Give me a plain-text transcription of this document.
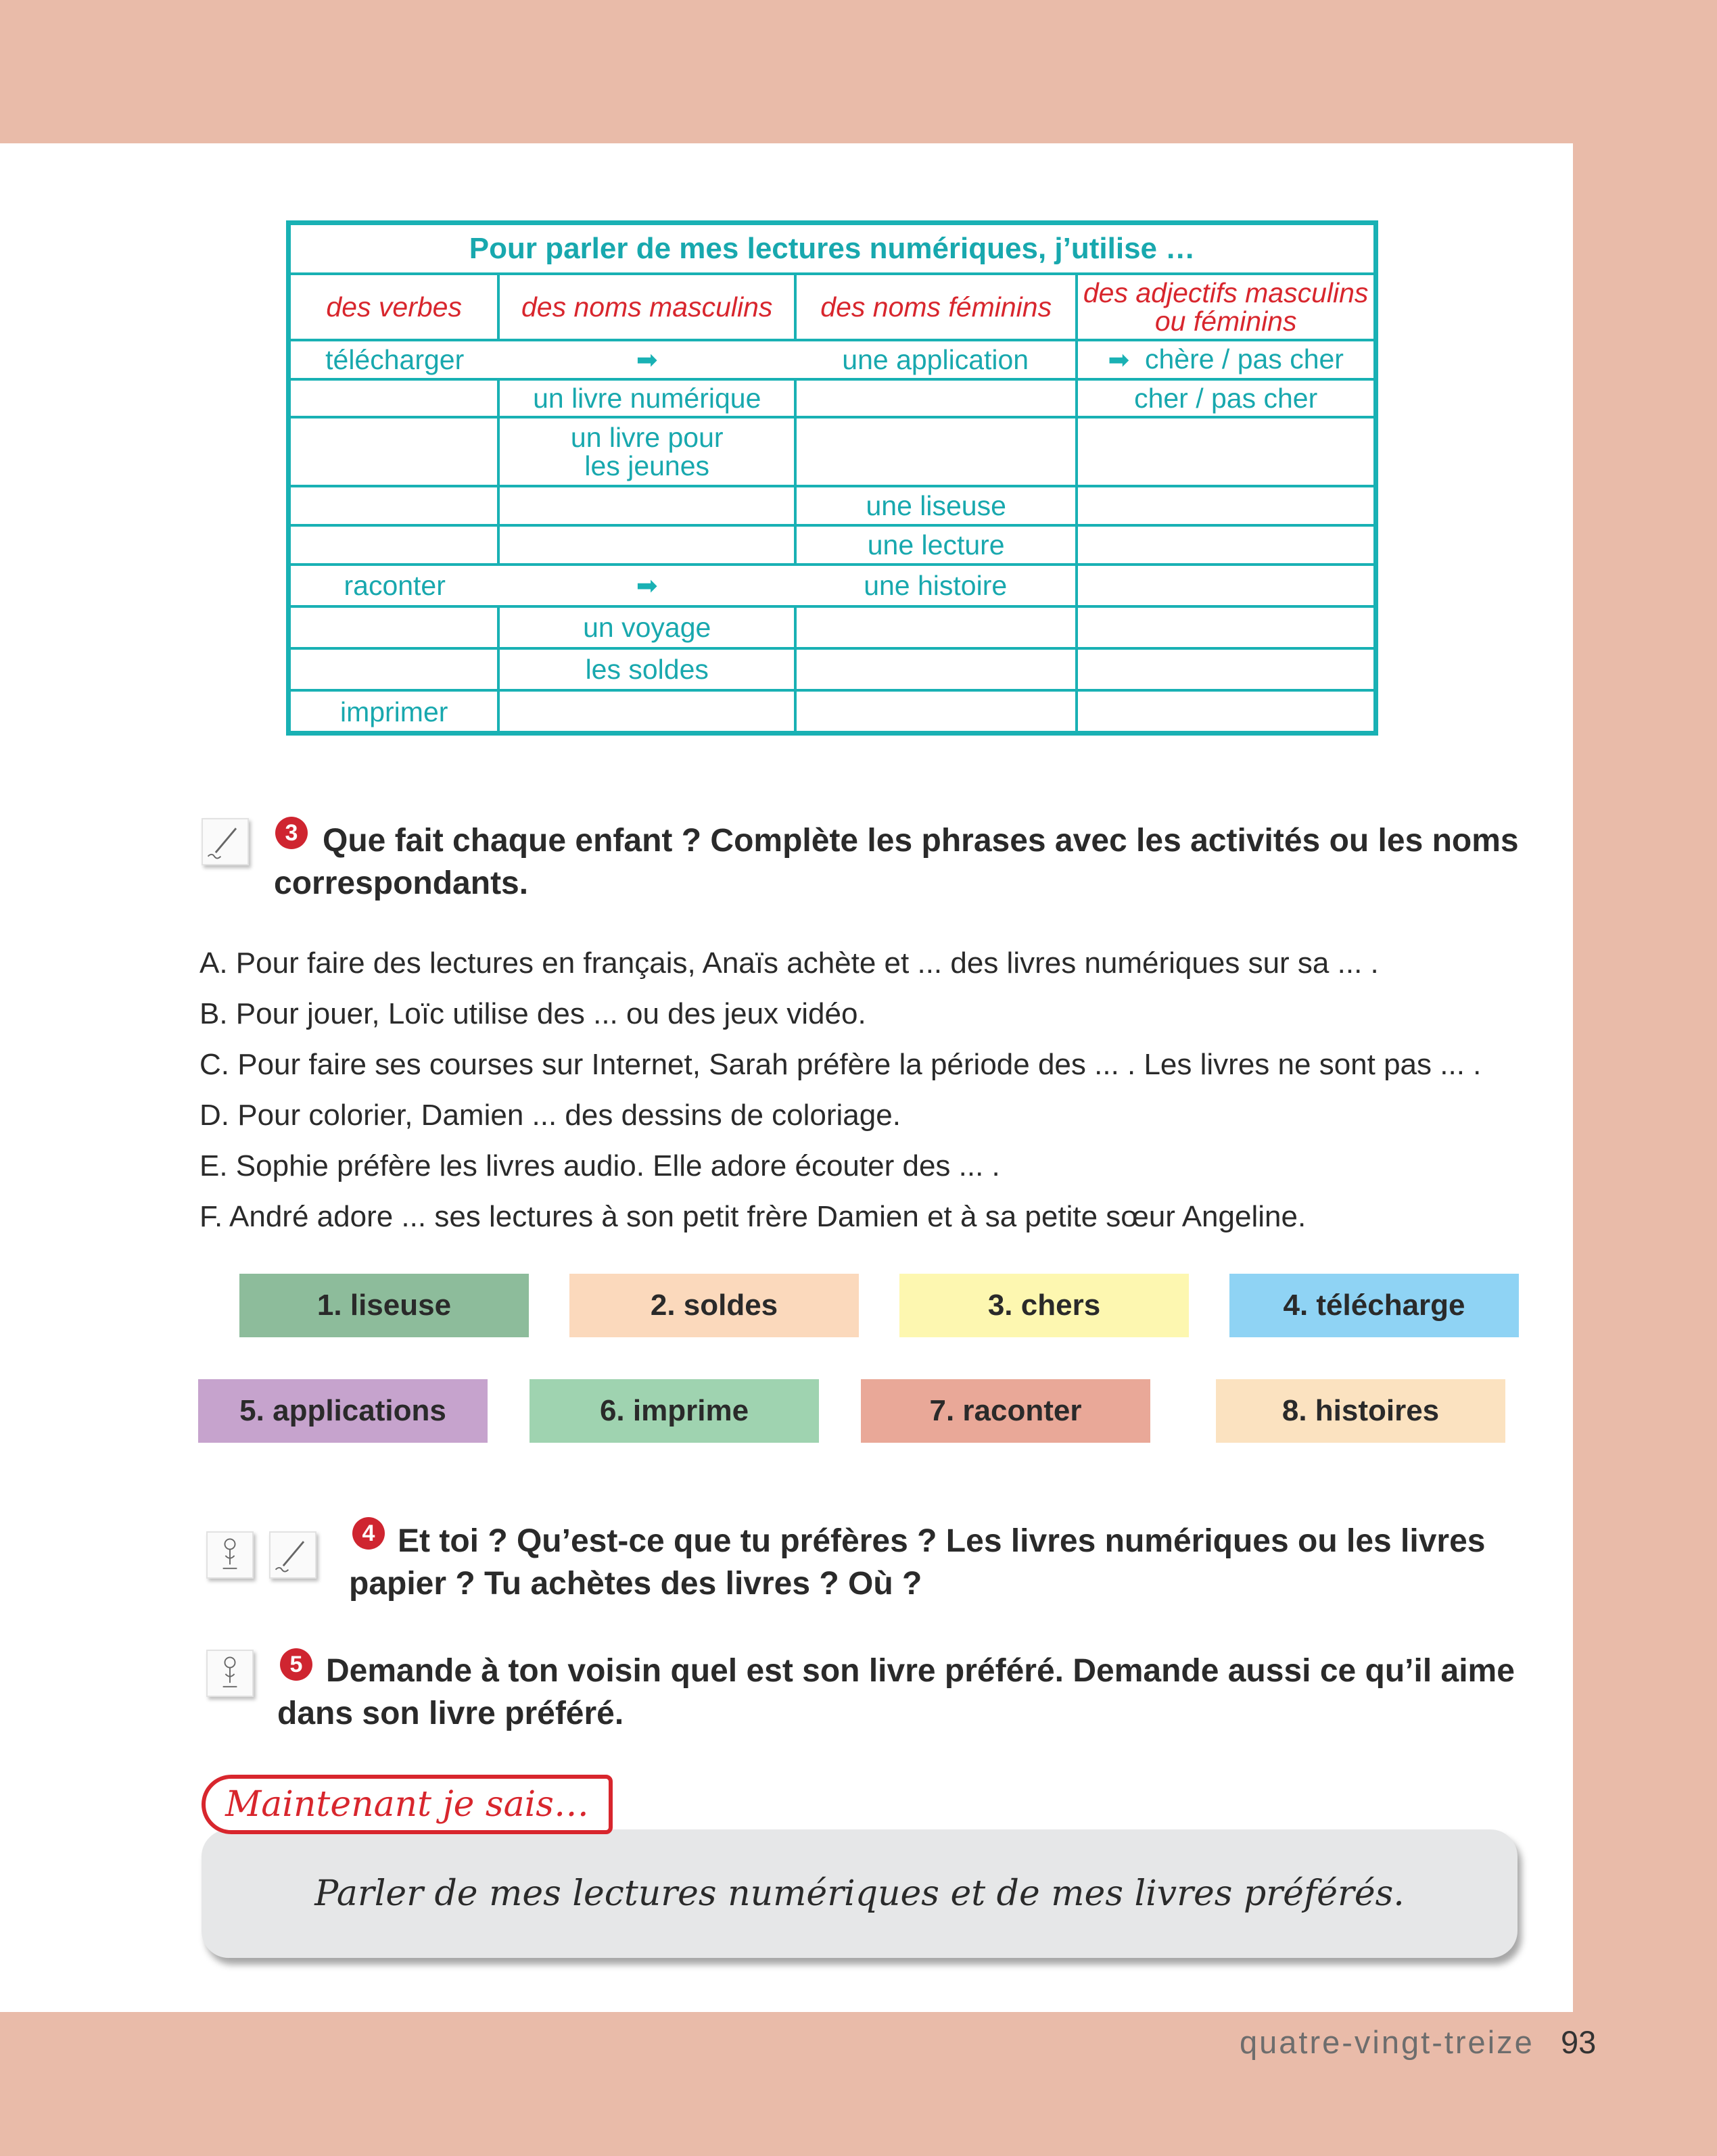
Pour parler de mes lectures numériques, j’utilise …			
des verbes	des noms masculins	des noms féminins	des adjectifs masculins ou féminins
télécharger	➡	une application	➡ chère / pas cher
	un livre numérique		cher / pas cher

	un livre pour les jeunes		

		une liseuse	
		une lecture	
raconter	➡	une histoire	
	un voyage		
	les soldes		
imprimer			
3 Que fait chaque enfant ? Complète les phrases avec les activités ou les noms correspondants.
A. Pour faire des lectures en français, Anaïs achète et ... des livres numériques sur sa ... .
B. Pour jouer, Loïc utilise des ... ou des jeux vidéo.
C. Pour faire ses courses sur Internet, Sarah préfère la période des ... . Les livres ne sont pas ... .
D. Pour colorier, Damien ... des dessins de coloriage.
E. Sophie préfère les livres audio. Elle adore écouter des ... .
F. André adore ... ses lectures à son petit frère Damien et à sa petite sœur Angeline.
1. liseuse	2. soldes	3. chers	4. télécharge
5. applications	6. imprime	7. raconter	8. histoires
4 Et toi ? Qu’est-ce que tu préfères ? Les livres numériques ou les livres papier ? Tu achètes des livres ? Où ?
5 Demande à ton voisin quel est son livre préféré. Demande aussi ce qu’il aime dans son livre préféré.
Parler de mes lectures numériques et de mes livres préférés.
Maintenant je sais…
quatre-vingt-treize 93
